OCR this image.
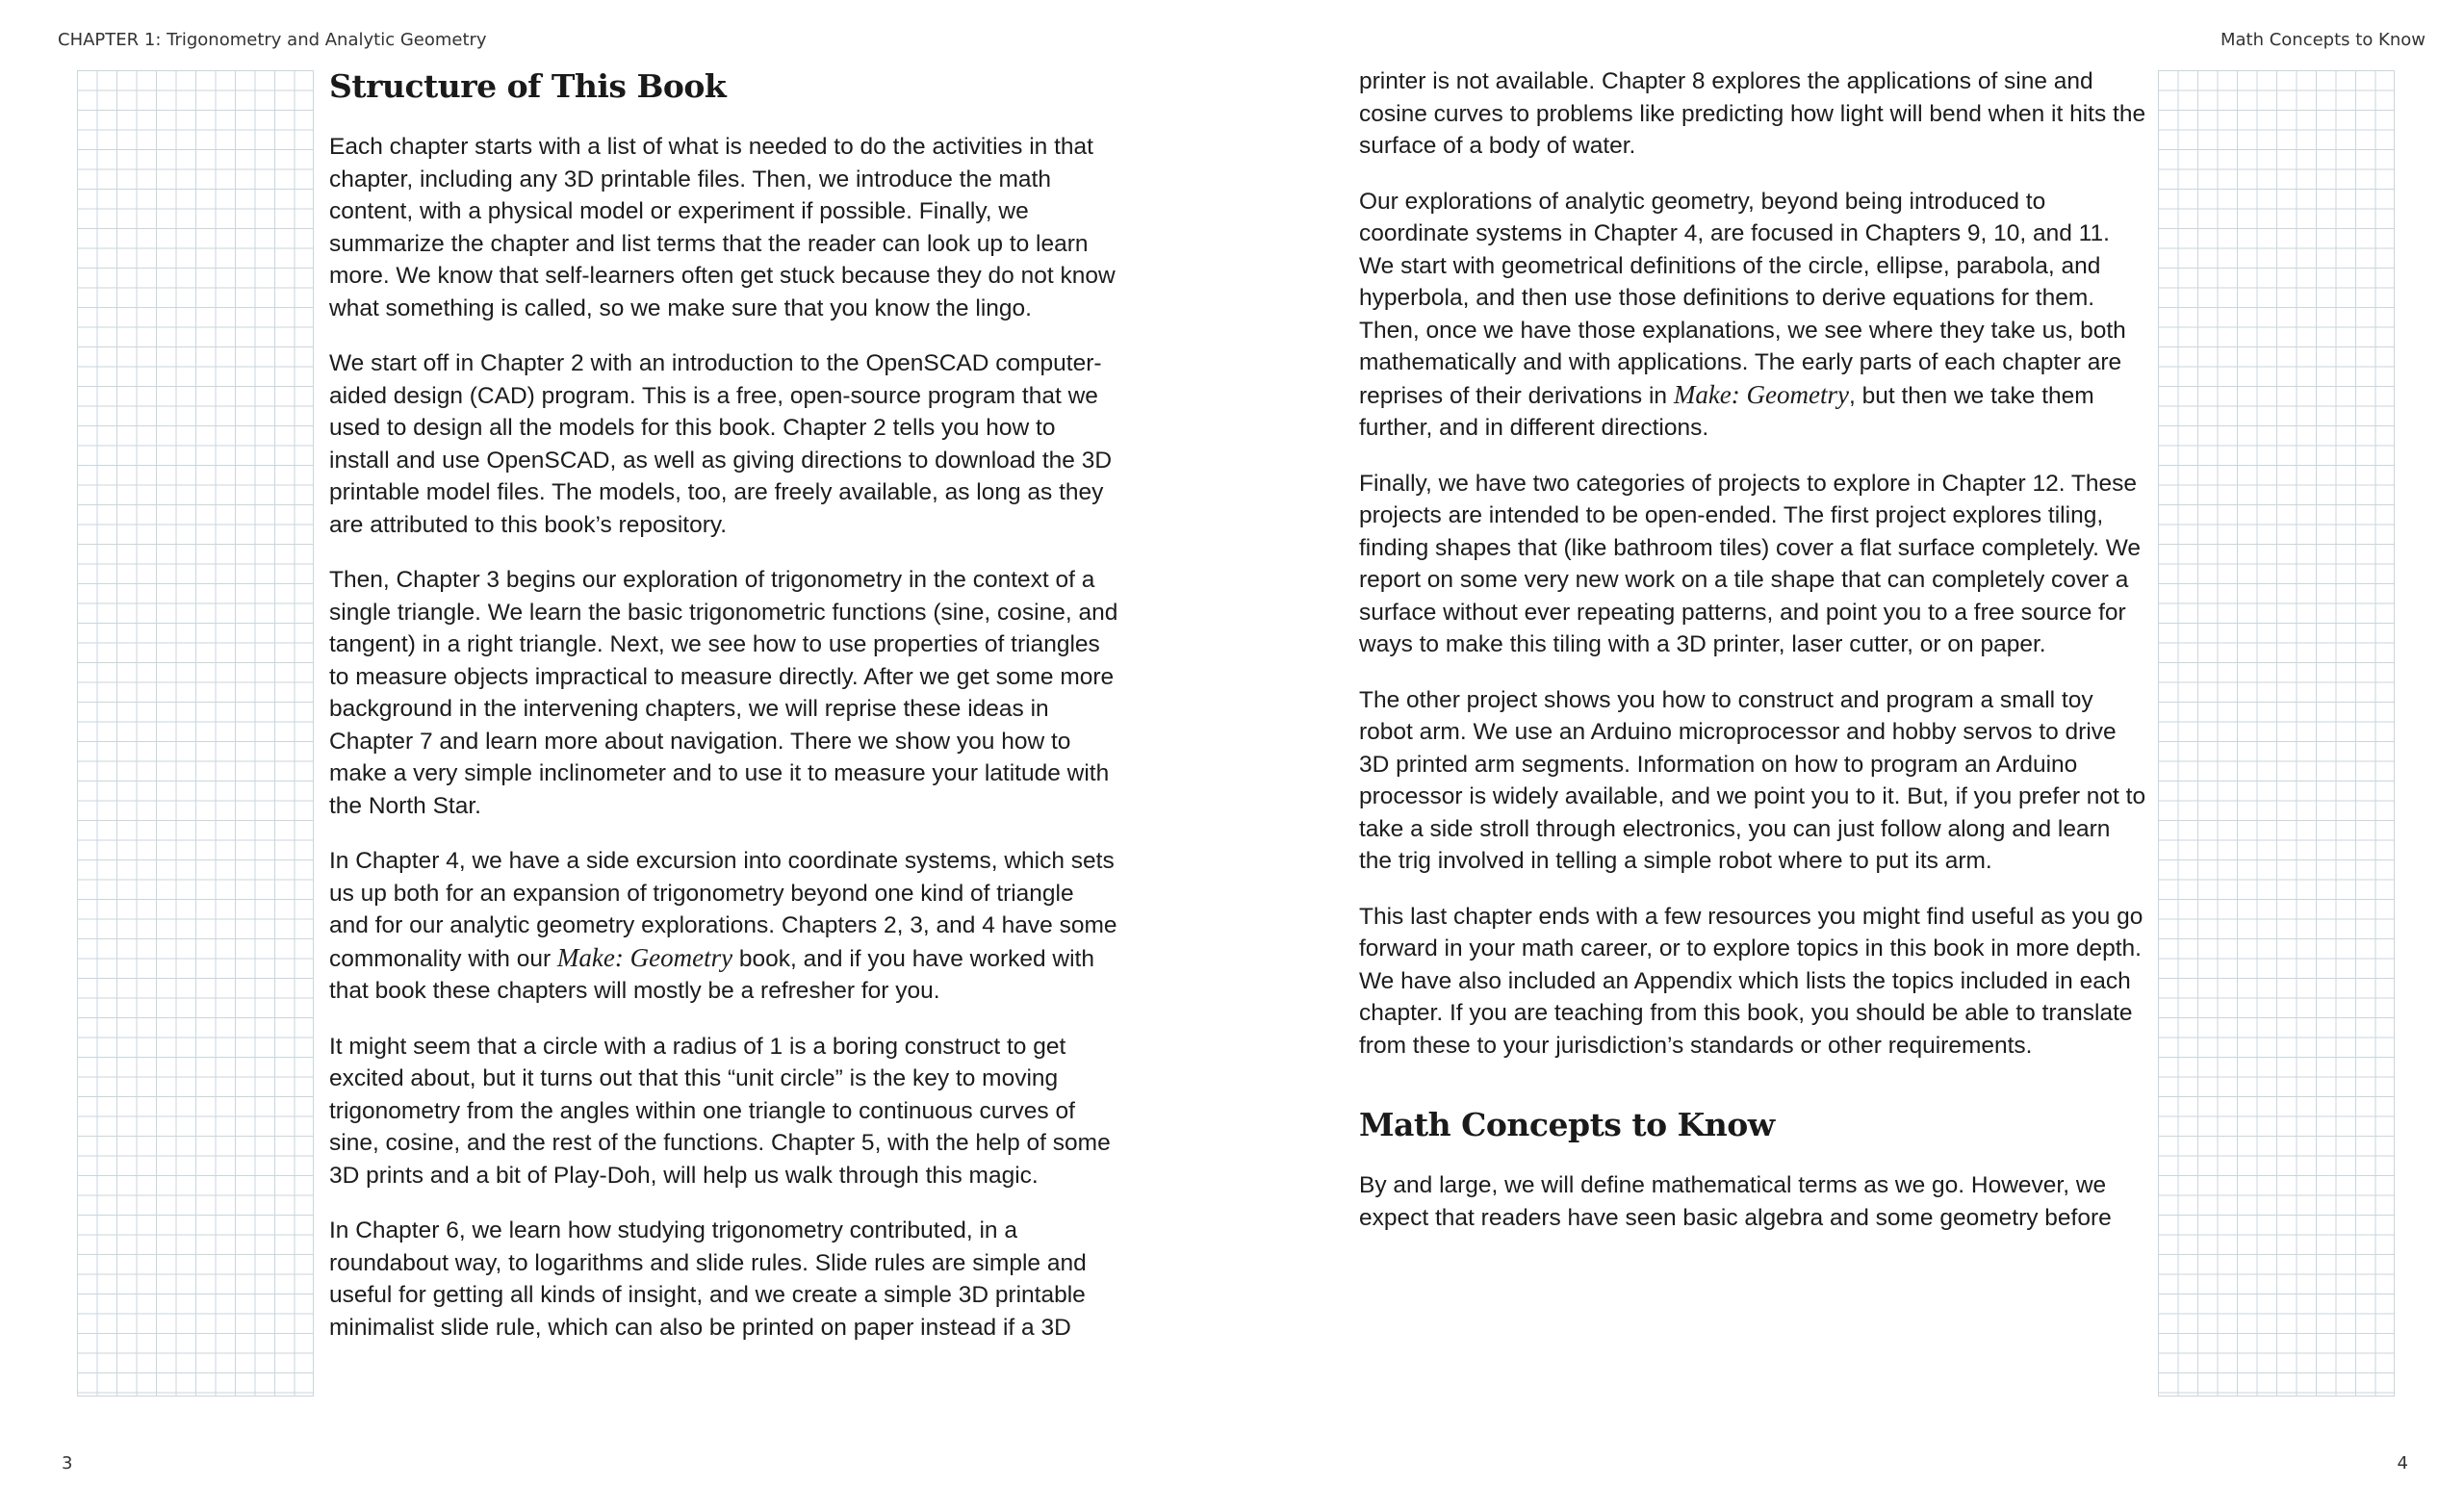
CHAPTER 1: Trigonometry and Analytic Geometry	Math Concepts to Know
Structure of This Book

Each chapter starts with a list of what is needed to do the activities in that chapter, including any 3D printable files. Then, we introduce the math content, with a physical model or experiment if possible. Finally, we summarize the chapter and list terms that the reader can look up to learn more. We know that self-learners often get stuck because they do not know what something is called, so we make sure that you know the lingo.

We start off in Chapter 2 with an introduction to the OpenSCAD computer-aided design (CAD) program. This is a free, open-source program that we used to design all the models for this book. Chapter 2 tells you how to install and use OpenSCAD, as well as giving directions to download the 3D printable model files. The models, too, are freely available, as long as they are attributed to this book’s repository.

Then, Chapter 3 begins our exploration of trigonometry in the context of a single triangle. We learn the basic trigonometric functions (sine, cosine, and tangent) in a right triangle. Next, we see how to use properties of triangles to measure objects impractical to measure directly. After we get some more background in the intervening chapters, we will reprise these ideas in Chapter 7 and learn more about navigation. There we show you how to make a very simple inclinometer and to use it to measure your latitude with the North Star.

In Chapter 4, we have a side excursion into coordinate systems, which sets us up both for an expansion of trigonometry beyond one kind of triangle and for our analytic geometry explorations. Chapters 2, 3, and 4 have some commonality with our Make: Geometry book, and if you have worked with that book these chapters will mostly be a refresher for you.

It might seem that a circle with a radius of 1 is a boring construct to get excited about, but it turns out that this “unit circle” is the key to moving trigonometry from the angles within one triangle to continuous curves of sine, cosine, and the rest of the functions. Chapter 5, with the help of some 3D prints and a bit of Play-Doh, will help us walk through this magic.

In Chapter 6, we learn how studying trigonometry contributed, in a roundabout way, to logarithms and slide rules. Slide rules are simple and useful for getting all kinds of insight, and we create a simple 3D printable minimalist slide rule, which can also be printed on paper instead if a 3D

printer is not available. Chapter 8 explores the applications of sine and cosine curves to problems like predicting how light will bend when it hits the surface of a body of water.

Our explorations of analytic geometry, beyond being introduced to coordinate systems in Chapter 4, are focused in Chapters 9, 10, and 11. We start with geometrical definitions of the circle, ellipse, parabola, and hyperbola, and then use those definitions to derive equations for them. Then, once we have those explanations, we see where they take us, both mathematically and with applications. The early parts of each chapter are reprises of their derivations in Make: Geometry, but then we take them further, and in different directions.

Finally, we have two categories of projects to explore in Chapter 12. These projects are intended to be open-ended. The first project explores tiling, finding shapes that (like bathroom tiles) cover a flat surface completely. We report on some very new work on a tile shape that can completely cover a surface without ever repeating patterns, and point you to a free source for ways to make this tiling with a 3D printer, laser cutter, or on paper.

The other project shows you how to construct and program a small toy robot arm. We use an Arduino microprocessor and hobby servos to drive 3D printed arm segments. Information on how to program an Arduino processor is widely available, and we point you to it. But, if you prefer not to take a side stroll through electronics, you can just follow along and learn the trig involved in telling a simple robot where to put its arm.

This last chapter ends with a few resources you might find useful as you go forward in your math career, or to explore topics in this book in more depth. We have also included an Appendix which lists the topics included in each chapter. If you are teaching from this book, you should be able to translate from these to your jurisdiction’s standards or other requirements.

Math Concepts to Know

By and large, we will define mathematical terms as we go. However, we expect that readers have seen basic algebra and some geometry before

3	4
